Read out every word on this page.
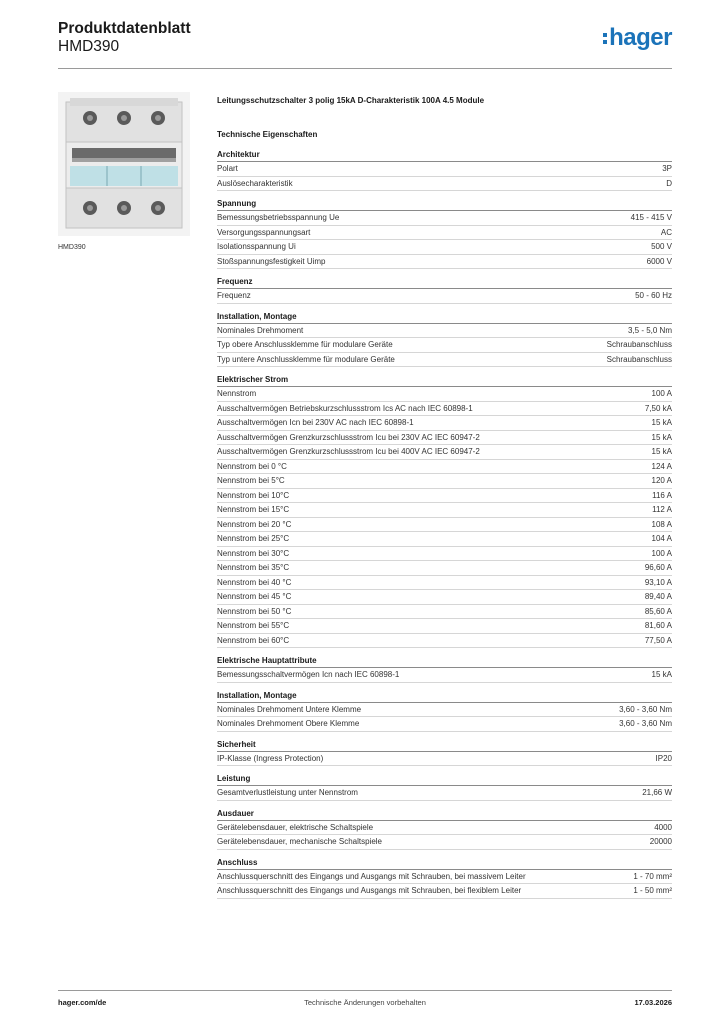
Produktdatenblatt
HMD390	hager
HMD390
Leitungsschutzschalter 3 polig 15kA D-Charakteristik 100A 4.5 Module
Technische Eigenschaften
Architektur
Polart	3P
Auslösecharakteristik	D
Spannung
Bemessungsbetriebsspannung Ue	415 - 415 V
Versorgungsspannungsart	AC
Isolationsspannung Ui	500 V
Stoßspannungsfestigkeit Uimp	6000 V
Frequenz
Frequenz	50 - 60 Hz
Installation, Montage
Nominales Drehmoment	3,5 - 5,0 Nm
Typ obere Anschlussklemme für modulare Geräte	Schraubanschluss
Typ untere Anschlussklemme für modulare Geräte	Schraubanschluss
Elektrischer Strom
Nennstrom	100 A
Ausschaltvermögen Betriebskurzschlussstrom Ics AC nach IEC 60898-1	7,50 kA
Ausschaltvermögen Icn bei 230V AC nach IEC 60898-1	15 kA
Ausschaltvermögen Grenzkurzschlussstrom Icu bei 230V AC IEC 60947-2	15 kA
Ausschaltvermögen Grenzkurzschlussstrom Icu bei 400V AC IEC 60947-2	15 kA
Nennstrom bei 0 °C	124 A
Nennstrom bei 5°C	120 A
Nennstrom bei 10°C	116 A
Nennstrom bei 15°C	112 A
Nennstrom bei 20 °C	108 A
Nennstrom bei 25°C	104 A
Nennstrom bei 30°C	100 A
Nennstrom bei 35°C	96,60 A
Nennstrom bei 40 °C	93,10 A
Nennstrom bei 45 °C	89,40 A
Nennstrom bei 50 °C	85,60 A
Nennstrom bei 55°C	81,60 A
Nennstrom bei 60°C	77,50 A
Elektrische Hauptattribute
Bemessungsschaltvermögen Icn nach IEC 60898-1	15 kA
Installation, Montage
Nominales Drehmoment Untere Klemme	3,60 - 3,60 Nm
Nominales Drehmoment Obere Klemme	3,60 - 3,60 Nm
Sicherheit
IP-Klasse (Ingress Protection)	IP20
Leistung
Gesamtverlustleistung unter Nennstrom	21,66 W
Ausdauer
Gerätelebensdauer, elektrische Schaltspiele	4000
Gerätelebensdauer, mechanische Schaltspiele	20000
Anschluss
Anschlussquerschnitt des Eingangs und Ausgangs mit Schrauben, bei massivem Leiter	1 - 70 mm²
Anschlussquerschnitt des Eingangs und Ausgangs mit Schrauben, bei flexiblem Leiter	1 - 50 mm²
hager.com/de	Technische Änderungen vorbehalten	17.03.2026
